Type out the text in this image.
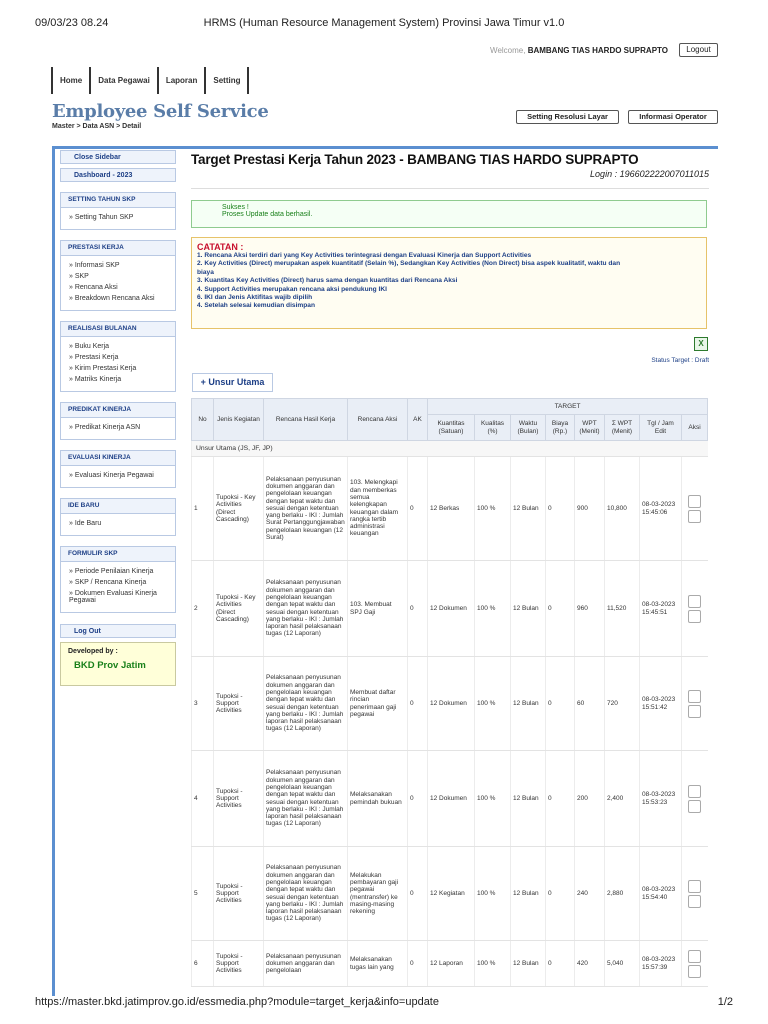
09/03/23 08.24	HRMS (Human Resource Management System) Provinsi Jawa Timur v1.0
Welcome, BAMBANG TIAS HARDO SUPRAPTO	Logout
Home	Data Pegawai	Laporan	Setting
Employee Self Service
Master > Data ASN > Detail
Setting Resolusi Layar	Informasi Operator
Close Sidebar
Dashboard - 2023
SETTING TAHUN SKP
» Setting Tahun SKP
PRESTASI KERJA
» Informasi SKP
» SKP
» Rencana Aksi
» Breakdown Rencana Aksi
REALISASI BULANAN
» Buku Kerja
» Prestasi Kerja
» Kirim Prestasi Kerja
» Matriks Kinerja
PREDIKAT KINERJA
» Predikat Kinerja ASN
EVALUASI KINERJA
» Evaluasi Kinerja Pegawai
IDE BARU
» Ide Baru
FORMULIR SKP
» Periode Penilaian Kinerja
» SKP / Rencana Kinerja
» Dokumen Evaluasi Kinerja Pegawai
Log Out
Developed by :
BKD Prov Jatim
Target Prestasi Kerja Tahun 2023 - BAMBANG TIAS HARDO SUPRAPTO
Login : 196602222007011015
Sukses !
Proses Update data berhasil.
CATATAN :
1. Rencana Aksi terdiri dari yang Key Activities terintegrasi dengan Evaluasi Kinerja dan Support Activities
2. Key Activities (Direct) merupakan aspek kuantitatif (Selain %), Sedangkan Key Activities (Non Direct) bisa aspek kualitatif, waktu dan
biaya
3. Kuantitas Key Activities (Direct) harus sama dengan kuantitas dari Rencana Aksi
4. Support Activities merupakan rencana aksi pendukung IKI
6. IKI dan Jenis Aktifitas wajib dipilih
4. Setelah selesai kemudian disimpan
X
Status Target : Draft
+ Unsur Utama
No	Jenis Kegiatan	Rencana Hasil Kerja	Rencana Aksi	AK	TARGET							
					Kuantitas (Satuan)	Kualitas (%)	Waktu (Bulan)	Biaya (Rp.)	WPT (Menit)	Σ WPT (Menit)	Tgl / Jam Edit	Aksi
Unsur Utama (JS, JF, JP)												
1	Tupoksi - Key Activities (Direct Cascading)	Pelaksanaan penyusunan dokumen anggaran dan pengelolaan keuangan dengan tepat waktu dan sesuai dengan ketentuan yang berlaku - IKI : Jumlah Surat Pertanggungjawaban pengelolaan keuangan (12 Surat)	103. Melengkapi dan memberkas semua kelengkapan keuangan dalam rangka tertib administrasi keuangan	0	12 Berkas	100 %	12 Bulan	0	900	10,800	08-03-2023 15:45:06	

2	Tupoksi - Key Activities (Direct Cascading)	Pelaksanaan penyusunan dokumen anggaran dan pengelolaan keuangan dengan tepat waktu dan sesuai dengan ketentuan yang berlaku - IKI : Jumlah laporan hasil pelaksanaan tugas (12 Laporan)	103. Membuat SPJ Gaji	0	12 Dokumen	100 %	12 Bulan	0	960	11,520	08-03-2023 15:45:51	

3	Tupoksi - Support Activities	Pelaksanaan penyusunan dokumen anggaran dan pengelolaan keuangan dengan tepat waktu dan sesuai dengan ketentuan yang berlaku - IKI : Jumlah laporan hasil pelaksanaan tugas (12 Laporan)	Membuat daftar rincian penerimaan gaji pegawai	0	12 Dokumen	100 %	12 Bulan	0	60	720	08-03-2023 15:51:42	

4	Tupoksi - Support Activities	Pelaksanaan penyusunan dokumen anggaran dan pengelolaan keuangan dengan tepat waktu dan sesuai dengan ketentuan yang berlaku - IKI : Jumlah laporan hasil pelaksanaan tugas (12 Laporan)	Melaksanakan pemindah bukuan	0	12 Dokumen	100 %	12 Bulan	0	200	2,400	08-03-2023 15:53:23	

5	Tupoksi - Support Activities	Pelaksanaan penyusunan dokumen anggaran dan pengelolaan keuangan dengan tepat waktu dan sesuai dengan ketentuan yang berlaku - IKI : Jumlah laporan hasil pelaksanaan tugas (12 Laporan)	Melakukan pembayaran gaji pegawai (mentransfer) ke masing-masing rekening	0	12 Kegiatan	100 %	12 Bulan	0	240	2,880	08-03-2023 15:54:40	

6	Tupoksi - Support Activities	Pelaksanaan penyusunan dokumen anggaran dan pengelolaan	Melaksanakan tugas lain yang	0	12 Laporan	100 %	12 Bulan	0	420	5,040	08-03-2023 15:57:39	
https://master.bkd.jatimprov.go.id/essmedia.php?module=target_kerja&info=update	1/2
